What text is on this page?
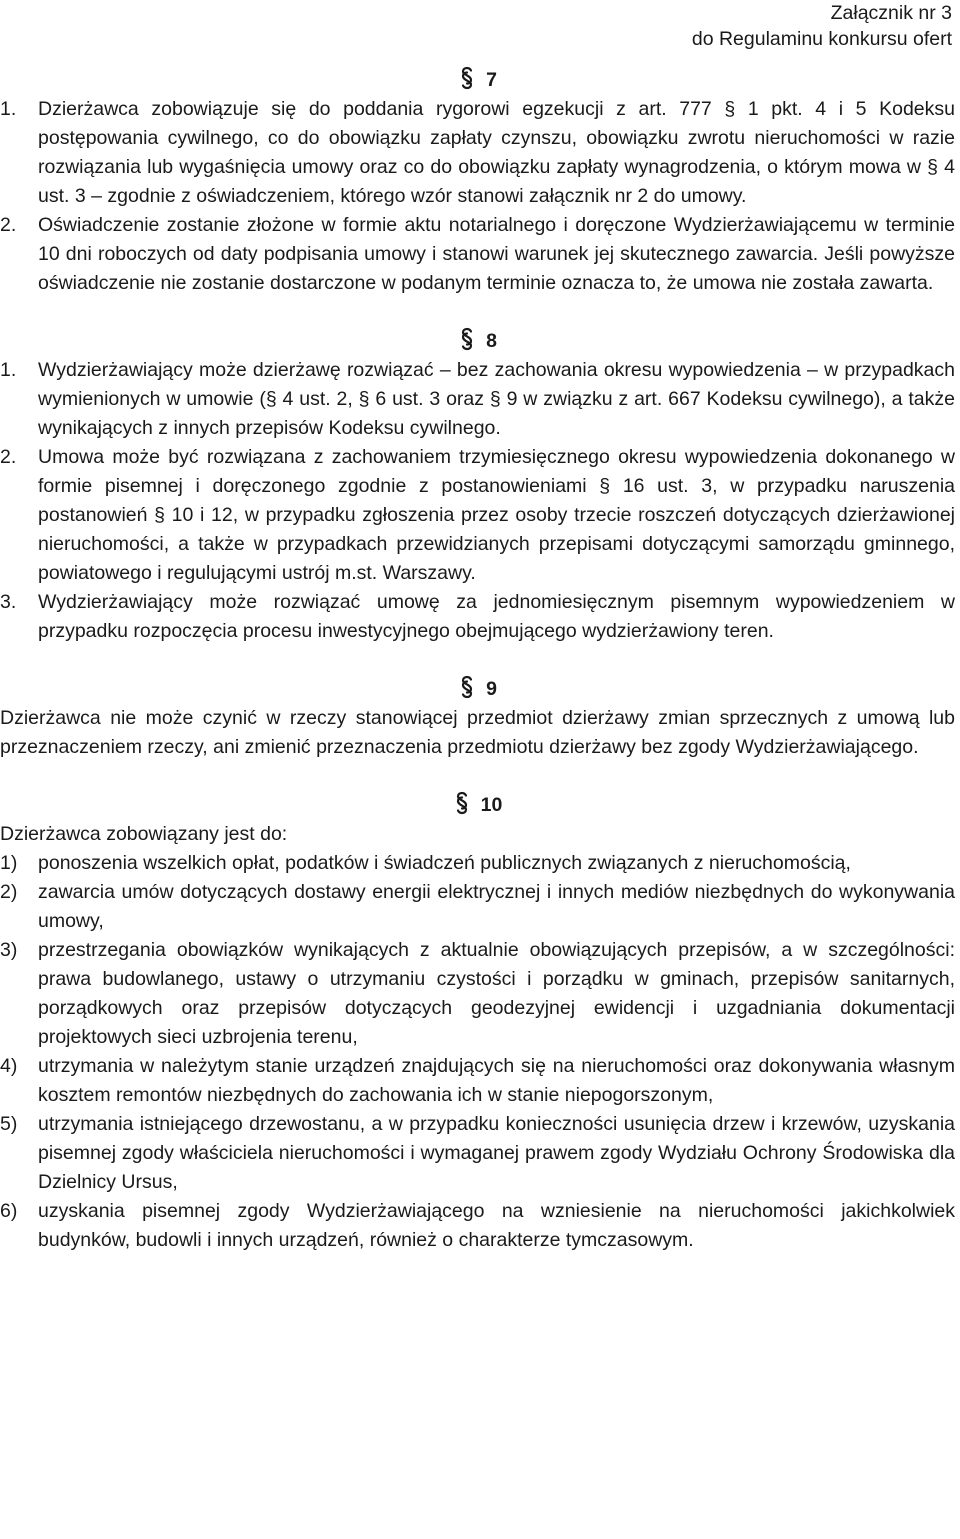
Załącznik nr 3
do Regulaminu konkursu ofert
7
1. Dzierżawca zobowiązuje się do poddania rygorowi egzekucji z art. 777 § 1 pkt. 4 i 5 Kodeksu postępowania cywilnego, co do obowiązku zapłaty czynszu, obowiązku zwrotu nieruchomości w razie rozwiązania lub wygaśnięcia umowy oraz co do obowiązku zapłaty wynagrodzenia, o którym mowa w § 4 ust. 3 – zgodnie z oświadczeniem, którego wzór stanowi załącznik nr 2 do umowy.
2. Oświadczenie zostanie złożone w formie aktu notarialnego i doręczone Wydzierżawiającemu w terminie 10 dni roboczych od daty podpisania umowy i stanowi warunek jej skutecznego zawarcia. Jeśli powyższe oświadczenie nie zostanie dostarczone w podanym terminie oznacza to, że umowa nie została zawarta.
8
1. Wydzierżawiający może dzierżawę rozwiązać – bez zachowania okresu wypowiedzenia – w przypadkach wymienionych w umowie (§ 4 ust. 2, § 6 ust. 3 oraz § 9 w związku z art. 667 Kodeksu cywilnego), a także wynikających z innych przepisów Kodeksu cywilnego.
2. Umowa może być rozwiązana z zachowaniem trzymiesięcznego okresu wypowiedzenia dokonanego w formie pisemnej i doręczonego zgodnie z postanowieniami § 16 ust. 3, w przypadku naruszenia postanowień § 10 i 12, w przypadku zgłoszenia przez osoby trzecie roszczeń dotyczących dzierżawionej nieruchomości, a także w przypadkach przewidzianych przepisami dotyczącymi samorządu gminnego, powiatowego i regulującymi ustrój m.st. Warszawy.
3. Wydzierżawiający może rozwiązać umowę za jednomiesięcznym pisemnym wypowiedzeniem w przypadku rozpoczęcia procesu inwestycyjnego obejmującego wydzierżawiony teren.
9
Dzierżawca nie może czynić w rzeczy stanowiącej przedmiot dzierżawy zmian sprzecznych z umową lub przeznaczeniem rzeczy, ani zmienić przeznaczenia przedmiotu dzierżawy bez zgody Wydzierżawiającego.
10
Dzierżawca zobowiązany jest do:
1) ponoszenia wszelkich opłat, podatków i świadczeń publicznych związanych z nieruchomością,
2) zawarcia umów dotyczących dostawy energii elektrycznej i innych mediów niezbędnych do wykonywania umowy,
3) przestrzegania obowiązków wynikających z aktualnie obowiązujących przepisów, a w szczególności: prawa budowlanego, ustawy o utrzymaniu czystości i porządku w gminach, przepisów sanitarnych, porządkowych oraz przepisów dotyczących geodezyjnej ewidencji i uzgadniania dokumentacji projektowych sieci uzbrojenia terenu,
4) utrzymania w należytym stanie urządzeń znajdujących się na nieruchomości oraz dokonywania własnym kosztem remontów niezbędnych do zachowania ich w stanie niepogorszonym,
5) utrzymania istniejącego drzewostanu, a w przypadku konieczności usunięcia drzew i krzewów, uzyskania pisemnej zgody właściciela nieruchomości i wymaganej prawem zgody Wydziału Ochrony Środowiska dla Dzielnicy Ursus,
6) uzyskania pisemnej zgody Wydzierżawiającego na wzniesienie na nieruchomości jakichkolwiek budynków, budowli i innych urządzeń, również o charakterze tymczasowym.
